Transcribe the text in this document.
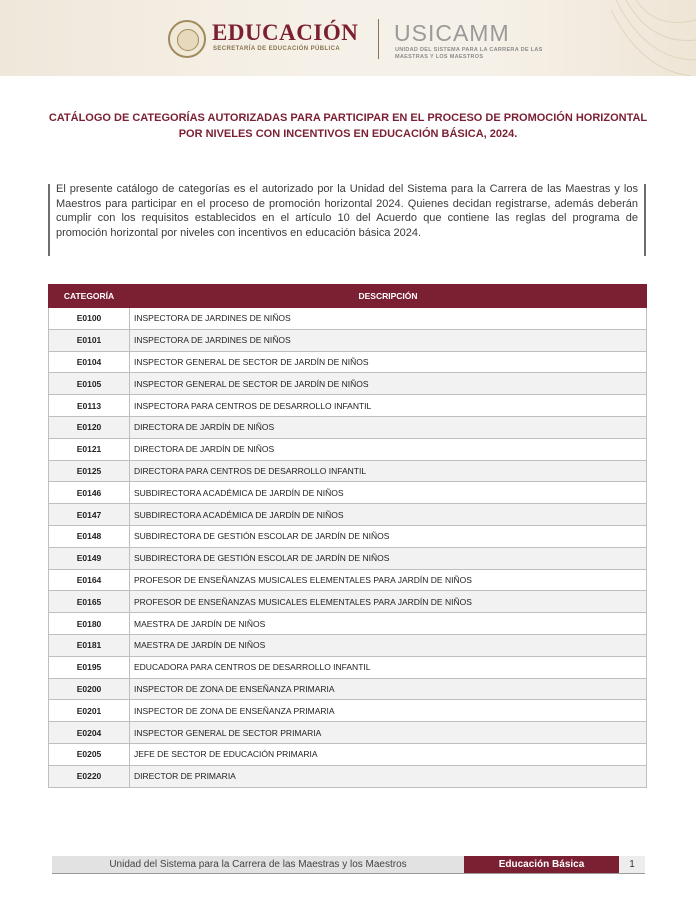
EDUCACIÓN
SECRETARÍA DE EDUCACIÓN PÚBLICA
USICAMM
UNIDAD DEL SISTEMA PARA LA CARRERA DE LAS MAESTRAS Y LOS MAESTROS
CATÁLOGO DE CATEGORÍAS AUTORIZADAS PARA PARTICIPAR EN EL PROCESO DE PROMOCIÓN HORIZONTAL POR NIVELES CON INCENTIVOS EN EDUCACIÓN BÁSICA, 2024.
El presente catálogo de categorías es el autorizado por la Unidad del Sistema para la Carrera de las Maestras y los Maestros para participar en el proceso de promoción horizontal 2024. Quienes decidan registrarse, además deberán cumplir con los requisitos establecidos en el artículo 10 del Acuerdo que contiene las reglas del programa de promoción horizontal por niveles con incentivos en educación básica 2024.
CATEGORÍA	DESCRIPCIÓN
E0100	INSPECTORA DE JARDINES DE NIÑOS
E0101	INSPECTORA DE JARDINES DE NIÑOS
E0104	INSPECTOR GENERAL DE SECTOR DE JARDÍN DE NIÑOS
E0105	INSPECTOR GENERAL DE SECTOR DE JARDÍN DE NIÑOS
E0113	INSPECTORA PARA CENTROS DE DESARROLLO INFANTIL
E0120	DIRECTORA DE JARDÍN DE NIÑOS
E0121	DIRECTORA DE JARDÍN DE NIÑOS
E0125	DIRECTORA PARA CENTROS DE DESARROLLO INFANTIL
E0146	SUBDIRECTORA ACADÉMICA DE JARDÍN DE NIÑOS
E0147	SUBDIRECTORA ACADÉMICA DE JARDÍN DE NIÑOS
E0148	SUBDIRECTORA DE GESTIÓN ESCOLAR DE JARDÍN DE NIÑOS
E0149	SUBDIRECTORA DE GESTIÓN ESCOLAR DE JARDÍN DE NIÑOS
E0164	PROFESOR DE ENSEÑANZAS MUSICALES ELEMENTALES PARA JARDÍN DE NIÑOS
E0165	PROFESOR DE ENSEÑANZAS MUSICALES ELEMENTALES PARA JARDÍN DE NIÑOS
E0180	MAESTRA DE JARDÍN DE NIÑOS
E0181	MAESTRA DE JARDÍN DE NIÑOS
E0195	EDUCADORA PARA CENTROS DE DESARROLLO INFANTIL
E0200	INSPECTOR DE ZONA DE ENSEÑANZA PRIMARIA
E0201	INSPECTOR DE ZONA DE ENSEÑANZA PRIMARIA
E0204	INSPECTOR GENERAL DE SECTOR PRIMARIA
E0205	JEFE DE SECTOR DE EDUCACIÓN PRIMARIA
E0220	DIRECTOR DE PRIMARIA
Unidad del Sistema para la Carrera de las Maestras y los Maestros	Educación Básica	1
